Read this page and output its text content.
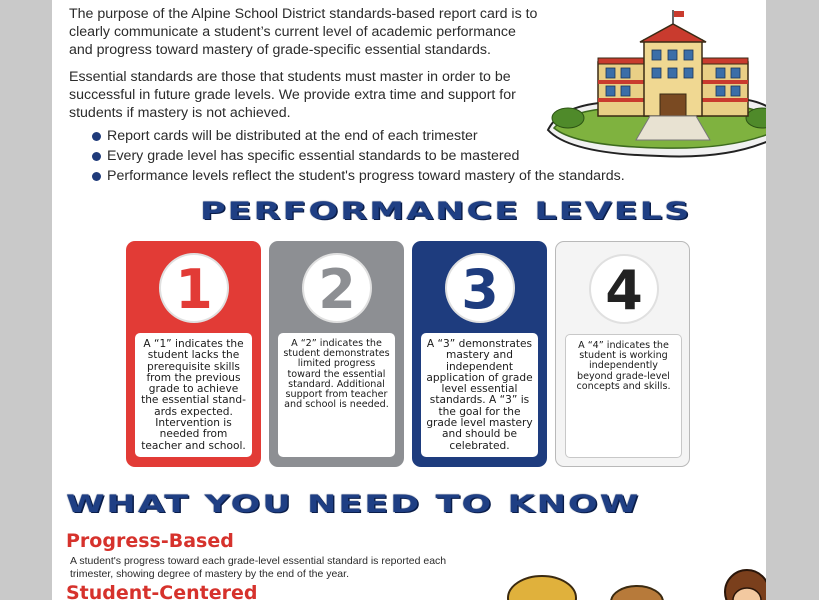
The purpose of the Alpine School District standards-based report card is to clearly communicate a student’s current level of academic performance and progress toward mastery of grade-specific essential standards.

Essential standards are those that students must master in order to be successful in future grade levels. We provide extra time and support for students if mastery is not achieved.

Report cards will be distributed at the end of each trimester
Every grade level has specific essential standards to be mastered
Performance levels reflect the student's progress toward mastery of the standards.
PERFORMANCE LEVELS
1
A “1” indicates the student lacks the prerequisite skills from the previous grade to achieve the essential stand-ards expected. Intervention is needed from teacher and school.
2
A “2” indicates the student demonstrates limited progress toward the essential standard. Additional support from teacher and school is needed.
3
A “3” demonstrates mastery and independent application of grade level essential standards. A “3” is the goal for the grade level mastery and should be celebrated.
4
A “4” indicates the student is working independently beyond grade-level concepts and skills.
WHAT YOU NEED TO KNOW
Progress-Based
A student's progress toward each grade-level essential standard is reported each trimester, showing degree of mastery by the end of the year.
Student-Centered
